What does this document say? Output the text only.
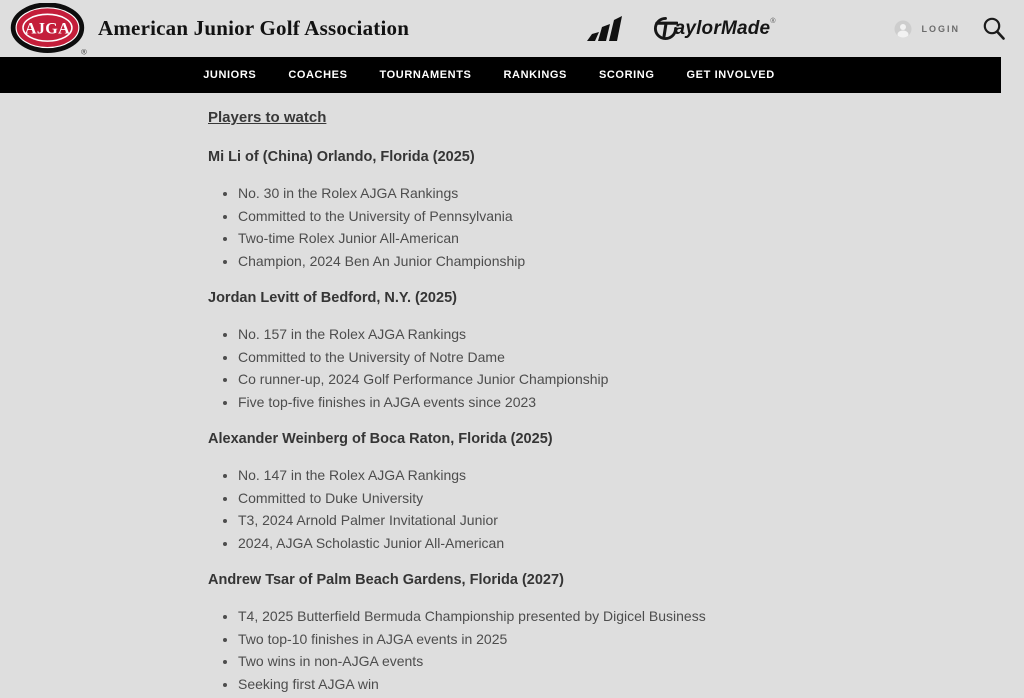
AJGA
®
American Junior Golf Association	aylorMade ®
LOGIN
JUNIORS	COACHES	TOURNAMENTS	RANKINGS	SCORING	GET INVOLVED
Players to watch
Mi Li of (China) Orlando, Florida (2025)
• No. 30 in the Rolex AJGA Rankings
• Committed to the University of Pennsylvania
• Two-time Rolex Junior All-American
• Champion, 2024 Ben An Junior Championship
Jordan Levitt of Bedford, N.Y. (2025)
• No. 157 in the Rolex AJGA Rankings
• Committed to the University of Notre Dame
• Co runner-up, 2024 Golf Performance Junior Championship
• Five top-five finishes in AJGA events since 2023
Alexander Weinberg of Boca Raton, Florida (2025)
• No. 147 in the Rolex AJGA Rankings
• Committed to Duke University
• T3, 2024 Arnold Palmer Invitational Junior
• 2024, AJGA Scholastic Junior All-American
Andrew Tsar of Palm Beach Gardens, Florida (2027)
• T4, 2025 Butterfield Bermuda Championship presented by Digicel Business
• Two top-10 finishes in AJGA events in 2025
• Two wins in non-AJGA events
• Seeking first AJGA win
